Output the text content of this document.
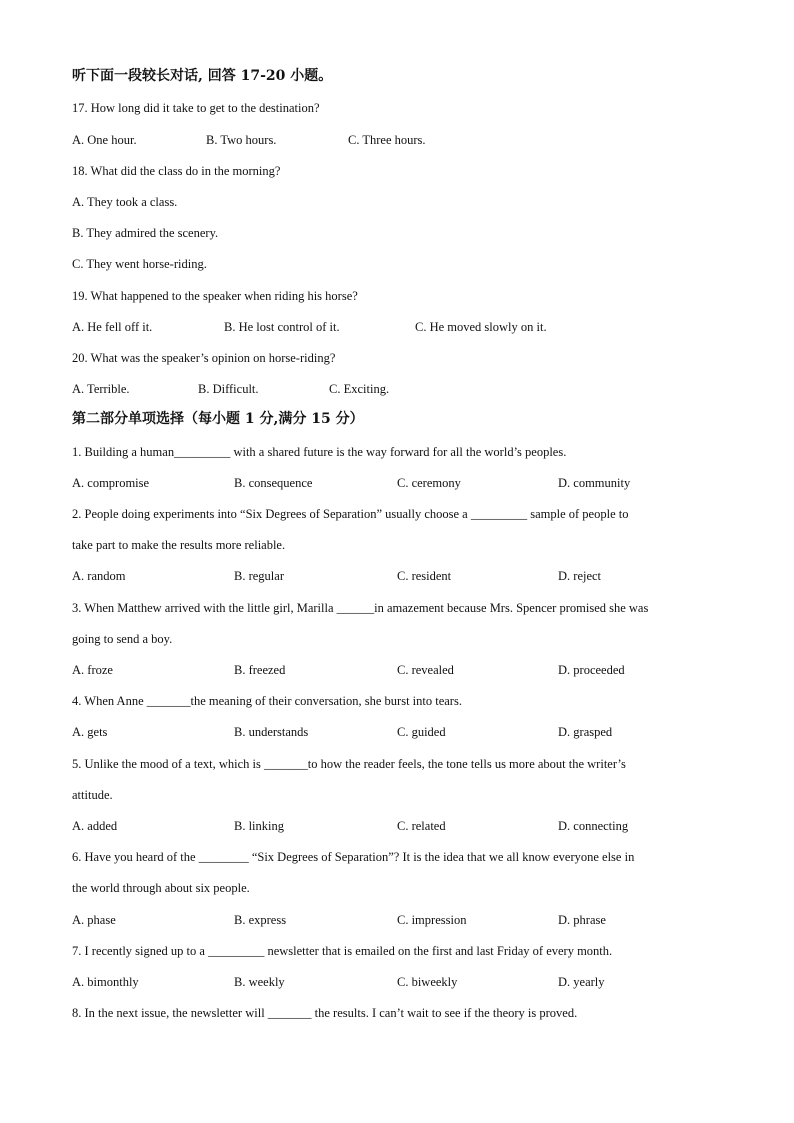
听下面一段较长对话, 回答 17-20 小题。
17. How long did it take to get to the destination?
A. One hour.	B. Two hours.	C. Three hours.
18. What did the class do in the morning?
A. They took a class.
B. They admired the scenery.
C. They went horse-riding.
19. What happened to the speaker when riding his horse?
A. He fell off it.	B. He lost control of it.	C. He moved slowly on it.
20. What was the speaker’s opinion on horse-riding?
A. Terrible.	B. Difficult.	C. Exciting.
第二部分单项选择（每小题 1 分,满分 15 分）
1. Building a human_________ with a shared future is the way forward for all the world’s peoples.
A. compromise	B. consequence	C. ceremony	D. community
2. People doing experiments into “Six Degrees of Separation” usually choose a _________ sample of people to
take part to make the results more reliable.
A. random	B. regular	C. resident	D. reject
3. When Matthew arrived with the little girl, Marilla ______in amazement because Mrs. Spencer promised she was
going to send a boy.
A. froze	B. freezed	C. revealed	D. proceeded
4. When Anne _______the meaning of their conversation, she burst into tears.
A. gets	B. understands	C. guided	D. grasped
5. Unlike the mood of a text, which is _______to how the reader feels, the tone tells us more about the writer’s
attitude.
A. added	B. linking	C. related	D. connecting
6. Have you heard of the ________ “Six Degrees of Separation”? It is the idea that we all know everyone else in
the world through about six people.
A. phase	B. express	C. impression	D. phrase
7. I recently signed up to a _________ newsletter that is emailed on the first and last Friday of every month.
A. bimonthly	B. weekly	C. biweekly	D. yearly
8. In the next issue, the newsletter will _______ the results. I can’t wait to see if the theory is proved.
